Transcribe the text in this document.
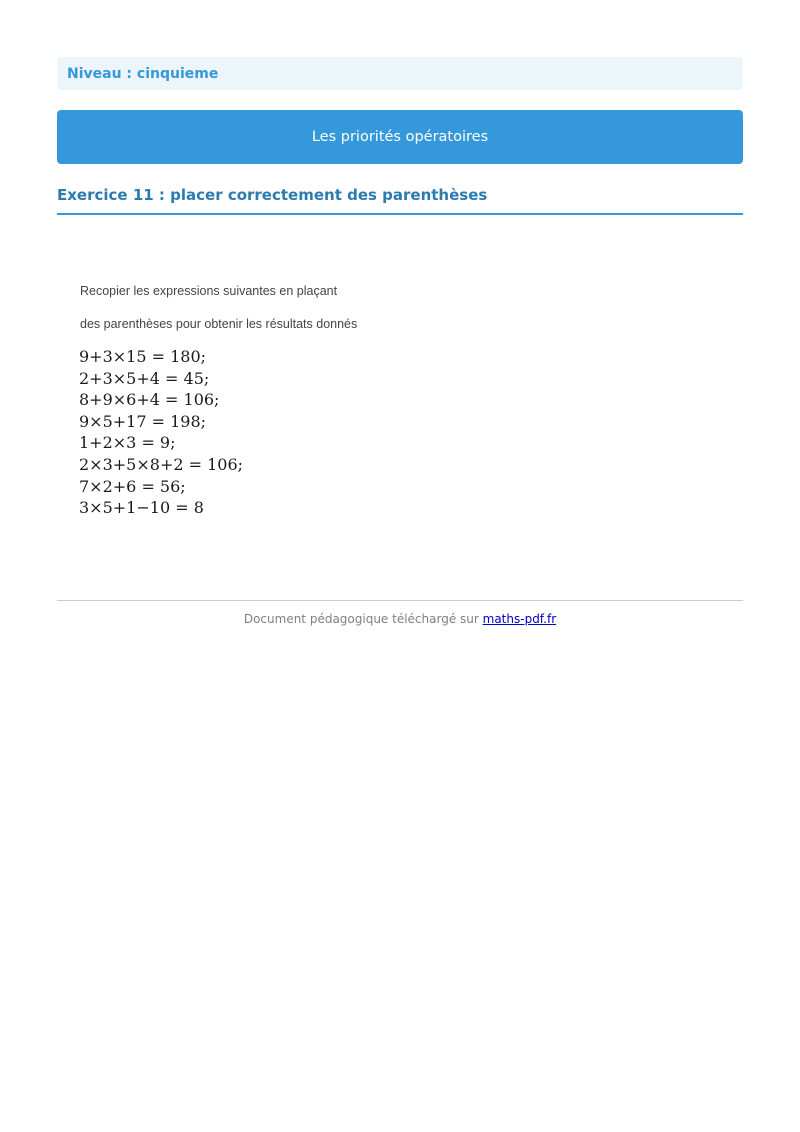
Niveau : cinquieme
Les priorités opératoires
Exercice 11 : placer correctement des parenthèses
Recopier les expressions suivantes en plaçant
des parenthèses pour obtenir les résultats donnés
9+3×15 = 180;
2+3×5+4 = 45;
8+9×6+4 = 106;
9×5+17 = 198;
1+2×3 = 9;
2×3+5×8+2 = 106;
7×2+6 = 56;
3×5+1−10 = 8
Document pédagogique téléchargé sur maths-pdf.fr
